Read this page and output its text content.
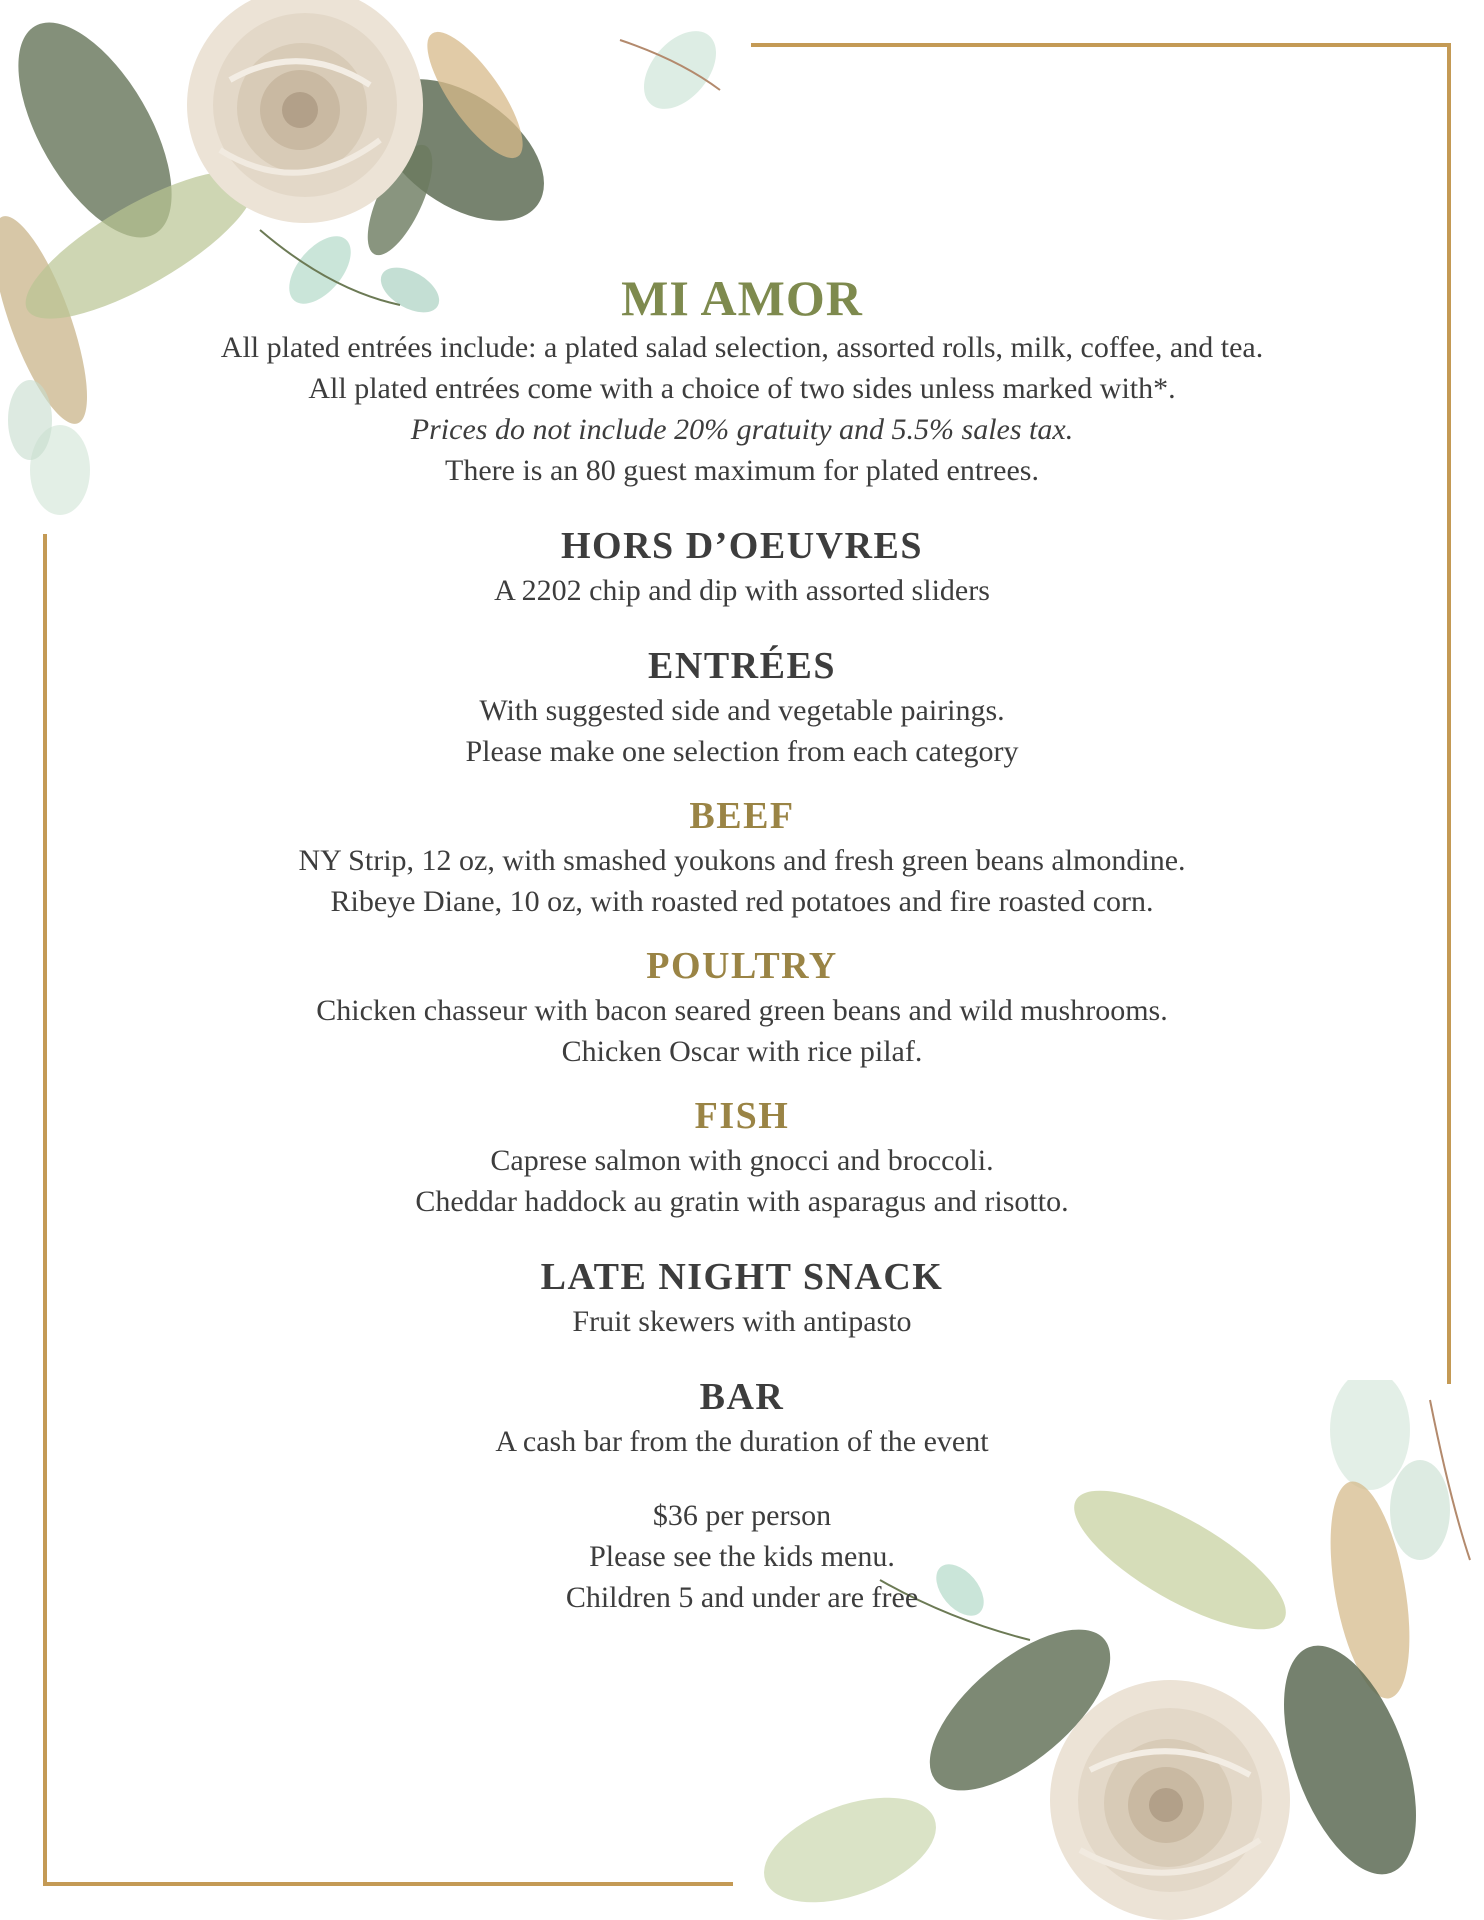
MI AMOR
All plated entrées include: a plated salad selection, assorted rolls, milk, coffee, and tea.
All plated entrées come with a choice of two sides unless marked with*.
Prices do not include 20% gratuity and 5.5% sales tax.
There is an 80 guest maximum for plated entrees.
HORS D’OEUVRES
A 2202 chip and dip with assorted sliders
ENTRÉES
With suggested side and vegetable pairings.
Please make one selection from each category
BEEF
NY Strip, 12 oz, with smashed youkons and fresh green beans almondine.
Ribeye Diane, 10 oz, with roasted red potatoes and fire roasted corn.
POULTRY
Chicken chasseur with bacon seared green beans and wild mushrooms.
Chicken Oscar with rice pilaf.
FISH
Caprese salmon with gnocci and broccoli.
Cheddar haddock au gratin with asparagus and risotto.
LATE NIGHT SNACK
Fruit skewers with antipasto
BAR
A cash bar from the duration of the event
$36 per person
Please see the kids menu.
Children 5 and under are free
